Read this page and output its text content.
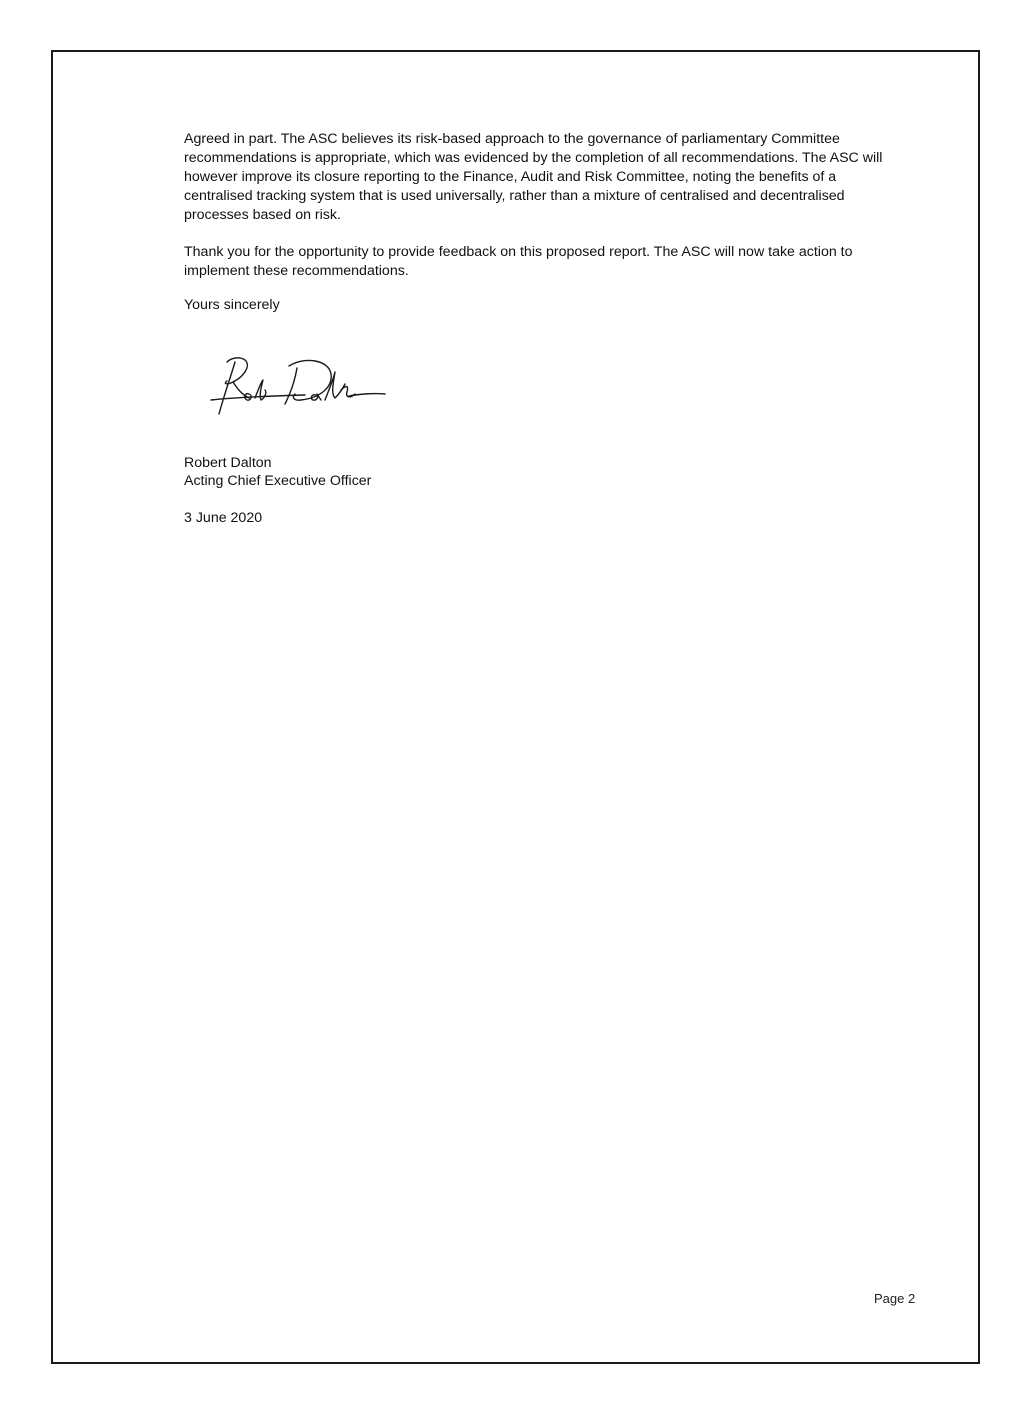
Agreed in part. The ASC believes its risk-based approach to the governance of parliamentary Committee recommendations is appropriate, which was evidenced by the completion of all recommendations. The ASC will however improve its closure reporting to the Finance, Audit and Risk Committee, noting the benefits of a centralised tracking system that is used universally, rather than a mixture of centralised and decentralised processes based on risk.

Thank you for the opportunity to provide feedback on this proposed report. The ASC will now take action to implement these recommendations.

Yours sincerely

Robert Dalton
Acting Chief Executive Officer
3 June 2020
Page 2
